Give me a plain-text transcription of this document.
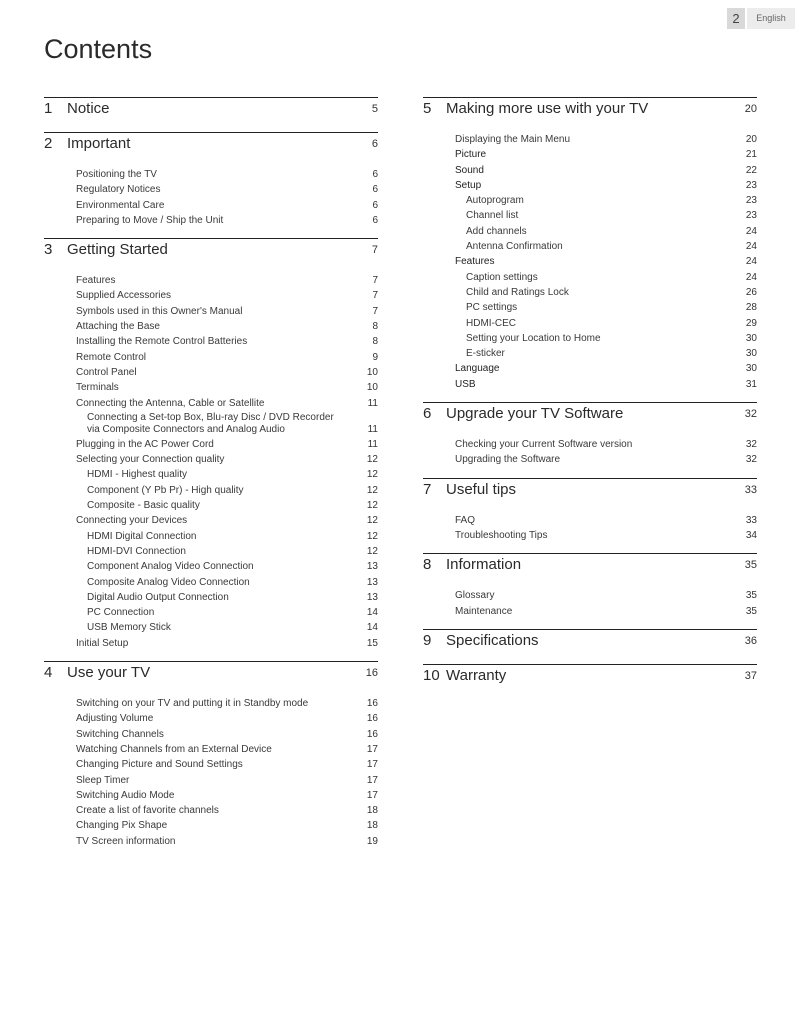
2	English
Contents
1 Notice	5
2 Important	6
Positioning the TV	6
Regulatory Notices	6
Environmental Care	6
Preparing to Move / Ship the Unit	6
3 Getting Started	7
Features	7
Supplied Accessories	7
Symbols used in this Owner's Manual	7
Attaching the Base	8
Installing the Remote Control Batteries	8
Remote Control	9
Control Panel	10
Terminals	10
Connecting the Antenna, Cable or Satellite	11
Connecting a Set-top Box, Blu-ray Disc / DVD Recorder
via Composite Connectors and Analog Audio	11
Plugging in the AC Power Cord	11
Selecting your Connection quality	12
HDMI - Highest quality	12
Component (Y Pb Pr) - High quality	12
Composite - Basic quality	12
Connecting your Devices	12
HDMI Digital Connection	12
HDMI-DVI Connection	12
Component Analog Video Connection	13
Composite Analog Video Connection	13
Digital Audio Output Connection	13
PC Connection	14
USB Memory Stick	14
Initial Setup	15
4 Use your TV	16
Switching on your TV and putting it in Standby mode	16
Adjusting Volume	16
Switching Channels	16
Watching Channels from an External Device	17
Changing Picture and Sound Settings	17
Sleep Timer	17
Switching Audio Mode	17
Create a list of favorite channels	18
Changing Pix Shape	18
TV Screen information	19
5 Making more use with your TV	20
Displaying the Main Menu	20
Picture	21
Sound	22
Setup	23
Autoprogram	23
Channel list	23
Add channels	24
Antenna Confirmation	24
Features	24
Caption settings	24
Child and Ratings Lock	26
PC settings	28
HDMI-CEC	29
Setting your Location to Home	30
E-sticker	30
Language	30
USB	31
6 Upgrade your TV Software	32
Checking your Current Software version	32
Upgrading the Software	32
7 Useful tips	33
FAQ	33
Troubleshooting Tips	34
8 Information	35
Glossary	35
Maintenance	35
9 Specifications	36
10 Warranty	37
